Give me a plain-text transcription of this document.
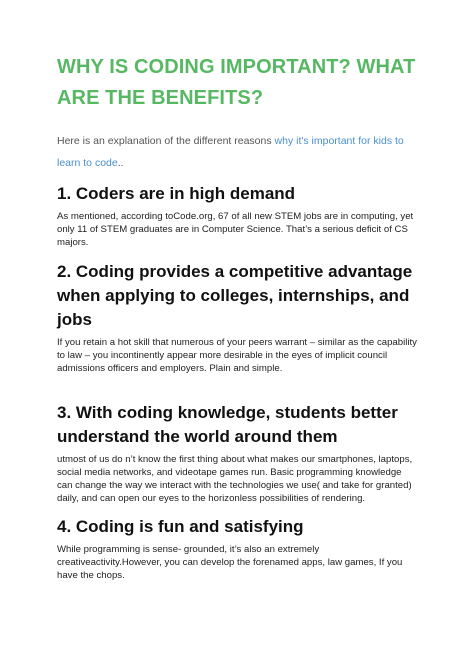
WHY IS CODING IMPORTANT? WHAT ARE THE BENEFITS?

Here is an explanation of the different reasons why it's important for kids to learn to code..

1. Coders are in high demand

As mentioned, according toCode.org, 67 of all new STEM jobs are in computing, yet only 11 of STEM graduates are in Computer Science. That’s a serious deficit of CS majors.

2. Coding provides a competitive advantage when applying to colleges, internships, and jobs

If you retain a hot skill that numerous of your peers warrant – similar as the capability to law – you incontinently appear more desirable in the eyes of implicit council admissions officers and employers. Plain and simple.

3. With coding knowledge, students better understand the world around them

utmost of us do n’t know the first thing about what makes our smartphones, laptops, social media networks, and videotape games run. Basic programming knowledge can change the way we interact with the technologies we use( and take for granted) daily, and can open our eyes to the horizonless possibilities of rendering.

4. Coding is fun and satisfying

While programming is sense- grounded, it’s also an extremely creativeactivity.However, you can develop the forenamed apps, law games, If you have the chops.
